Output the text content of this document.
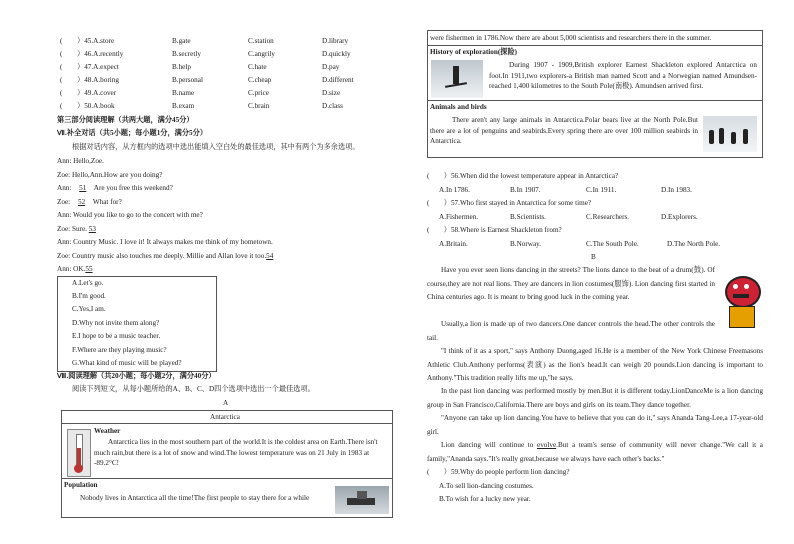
( ）45.A.store	B.gate	C.station	D.library
( ）46.A.recently	B.secretly	C.angrily	D.quickly
( ）47.A.expect	B.help	C.hate	D.pay
( ）48.A.boring	B.personal	C.cheap	D.different
( ）49.A.cover	B.name	C.price	D.size
( ）50.A.book	B.exam	C.brain	D.class
第三部分阅读理解（共两大题，满分45分）
Ⅶ.补全对话（共5小题；每小题1分，满分5分）
根据对话内容，从方框内的选项中选出能填入空白处的最佳选项，其中有两个为多余选项。
Ann: Hello,Zoe.
Zoe: Hello,Ann.How are you doing?
Ann: 51 Are you free this weekend?
Zoe: 52 What for?
Ann: Would you like to go to the concert with me?
Zoe: Sure. 53
Ann: Country Music. I love it! It always makes me think of my hometown.
Zoe: Country music also touches me deeply. Millie and Allan love it too.54
Ann: OK.55
A.Let's go.
B.I'm good.
C.Yes,I am.
D.Why not invite them along?
E.I hope to be a music teacher.
F.Where are they playing music?
G.What kind of music will be played?
Ⅷ.阅读理解（共20小题；每小题2分，满分40分）
阅读下列短文，从每小题所给的A、B、C、D四个选项中选出一个最佳选项。
A
Antarctica
Weather
Antarctica lies in the most southern part of the world.It is the coldest area on Earth.There isn't much rain,but there is a lot of snow and wind.The lowest temperature was on 21 July in 1983 at -89.2°C!
Population
Nobody lives in Antarctica all the time!The first people to stay there for a while
were fishermen in 1786.Now there are about 5,000 scientists and researchers there in the summer.
History of exploration(探险)
During 1907 - 1909,British explorer Earnest Shackleton explored Antarctica on foot.In 1911,two explorers-a British man named Scott and a Norwegian named Amundsen-reached 1,400 kilometres to the South Pole(南极). Amundsen arrived first.
Animals and birds
There aren't any large animals in Antarctica.Polar bears live at the North Pole.But there are a lot of penguins and seabirds.Every spring there are over 100 million seabirds in Antarctica.
(　　）56.When did the lowest temperature appear in Antarctica?
A.In 1786.	B.In 1907.	C.In 1911.	D.In 1983.
(　　）57.Who first stayed in Antarctica for some time?
A.Fishermen.	B.Scientists.	C.Researchers.	D.Explorers.
(　　）58.Where is Earnest Shackleton from?
A.Britain.	B.Norway.	C.The South Pole.	D.The North Pole.
B
Have you ever seen lions dancing in the streets? The lions dance to the beat of a drum(鼓). Of course,they are not real lions. They are dancers in lion costumes(服饰). Lion dancing first started in China centuries ago. It is meant to bring good luck in the coming year.
Usually,a lion is made up of two dancers.One dancer controls the head.The other controls the tail.
"I think of it as a sport," says Anthony Duong,aged 16.He is a member of the New York Chinese Freemasons Athletic Club.Anthony performs(表演) as the lion's head.It can weigh 20 pounds.Lion dancing is important to Anthony."This tradition really lifts me up,"he says.
In the past lion dancing was performed mostly by men.But it is different today.LionDanceMe is a lion dancing group in San Francisco,California.There are boys and girls on its team.They dance together.
"Anyone can take up lion dancing.You have to believe that you can do it," says Ananda Tang-Lee,a 17-year-old girl.
Lion dancing will continue to evolve.But a team's sense of community will never change."We call it a family,"Ananda says."It's really great,because we always have each other's backs."
(　　）59.Why do people perform lion dancing?
A.To sell lion-dancing costumes.
B.To wish for a lucky new year.
